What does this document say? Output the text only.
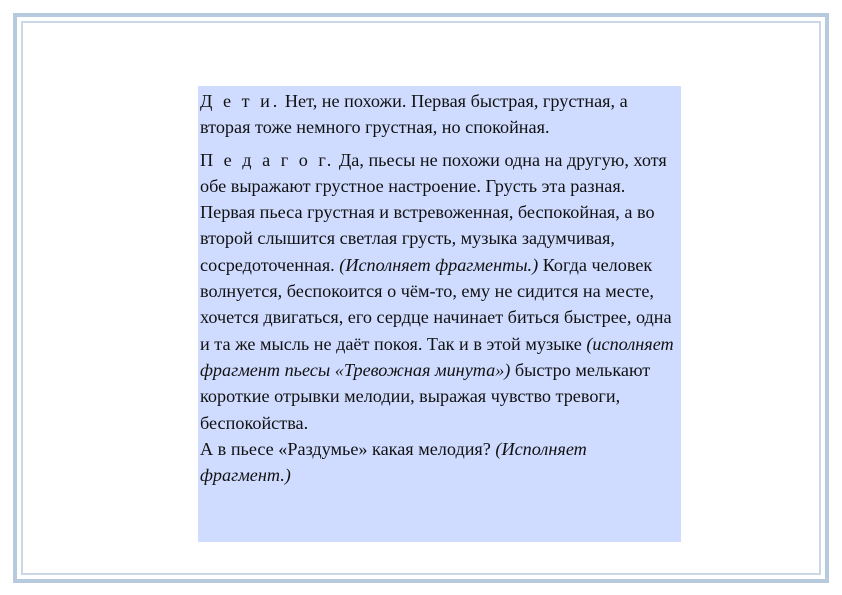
Д е т и. Нет, не похожи. Первая быстрая, грустная, а вторая тоже немного грустная, но спокойная.

П е д а г о г. Да, пьесы не похожи одна на другую, хотя обе выражают грустное настроение. Грусть эта разная. Первая пьеса грустная и встревоженная, беспокойная, а во второй слышится светлая грусть, музыка задумчивая, сосредоточенная. (Исполняет фрагменты.) Когда человек волнуется, беспокоится о чём-то, ему не сидится на месте, хочется двигаться, его сердце начинает биться быстрее, одна и та же мысль не даёт покоя. Так и в этой музыке (исполняет фрагмент пьесы «Тревожная минута») быстро мелькают короткие отрывки мелодии, выражая чувство тревоги, беспокойства.

А в пьесе «Раздумье» какая мелодия? (Исполняет фрагмент.)
